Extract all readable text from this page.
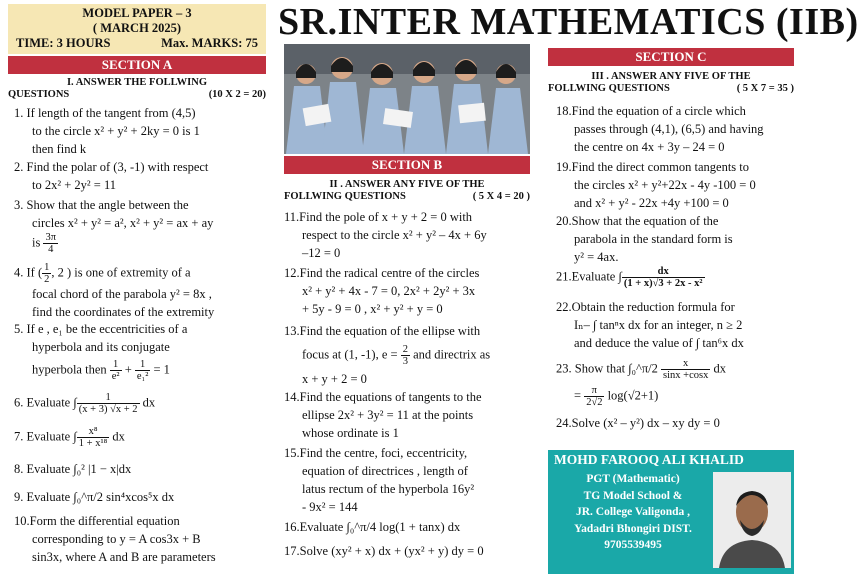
MODEL PAPER – 3
( MARCH 2025)
TIME: 3 HOURS	Max. MARKS: 75 SR.INTER MATHEMATICS (IIB)
SECTION A
I. ANSWER THE FOLLWING
QUESTIONS	(10 X 2 = 20)
1. If length of the tangent from (4,5)
to the circle x² + y² + 2ky = 0 is 1
then find k
2. Find the polar of (3, -1) with respect
to 2x² + 2y² = 11
3. Show that the angle between the
circles x² + y² = a², x² + y² = ax + ay
is $\frac{3\pi}{4}$
4. If ( $\frac{1}{2}$ , 2 ) is one of extremity of a
focal chord of the parabola y² = 8x ,
find the coordinates of the extremity
5. If e , e₁ be the eccentricities of a
hyperbola and its conjugate
hyperbola then $\frac{1}{\text{e²}} + \frac{1}{\text{e₁²}} = 1$
6. Evaluate ∫ $\frac{1}{(x + 3) √x + 2}$ dx
7. Evaluate ∫ $\frac{\text{x⁸}}{\text{1 + x¹⁸}}$ dx
8. Evaluate ∫₀² |1 − x|dx
9. Evaluate ∫₀^π/2 sin⁴xcos⁵x dx
10.Form the differential equation
corresponding to y = A cos3x + B
sin3x, where A and B are parameters
SECTION B
II . ANSWER ANY FIVE OF THE
FOLLWING QUESTIONS	( 5 X 4 = 20 )
11.Find the pole of x + y + 2 = 0 with
respect to the circle x² + y² – 4x + 6y
–12 = 0
12.Find the radical centre of the circles
x² + y² + 4x - 7 = 0, 2x² + 2y² + 3x
+ 5y - 9 = 0 , x² + y² + y = 0
13.Find the equation of the ellipse with
focus at (1, -1), $e = \frac{2}{3}$ and directrix as
x + y + 2 = 0
14.Find the equations of tangents to the
ellipse 2x² + 3y² = 11 at the points
whose ordinate is 1
15.Find the centre, foci, eccentricity,
equation of directrices , length of
latus rectum of the hyperbola 16y²
- 9x² = 144
16.Evaluate ∫₀^π/4 log(1 + tanx) dx
17.Solve (xy² + x) dx + (yx² + y) dy = 0
SECTION C
III . ANSWER ANY FIVE OF THE
FOLLWING QUESTIONS	( 5 X 7 = 35 )
18.Find the equation of a circle which
passes through (4,1), (6,5) and having
the centre on 4x + 3y – 24 = 0
19.Find the direct common tangents to
the circles x² + y²+22x - 4y -100 = 0
and x² + y² - 22x +4y +100 = 0
20.Show that the equation of the
parabola in the standard form is
y² = 4ax.
21.Evaluate ∫ $\frac{dx}{\text{(1 + x)√3 + 2x - x²}}$
22.Obtain the reduction formula for
Iₙ– ∫ tanⁿx dx for an integer, n ≥ 2
and deduce the value of ∫ tan⁶x dx
23. Show that ∫₀^π/2 $\frac{x}{\sin x +\cos x}$ dx
= $\frac{\pi}{2√2} \log(√2+1)$
24.Solve (x² – y²) dx – xy dy = 0
MOHD FAROOQ ALI KHALID
PGT (Mathematic)
TG Model School &
JR. College Valigonda ,
Yadadri Bhongiri DIST.
9705539495
